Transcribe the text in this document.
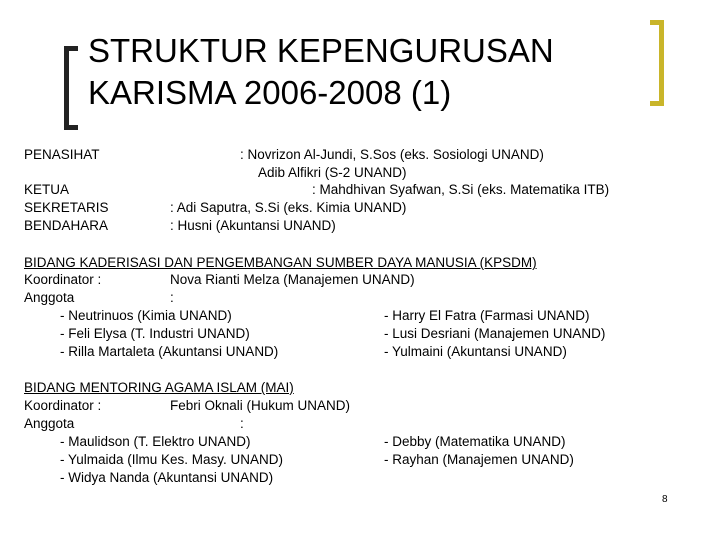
STRUKTUR KEPENGURUSAN
KARISMA 2006-2008 (1)
PENASIHAT	: Novrizon Al-Jundi, S.Sos (eks. Sosiologi UNAND)
Adib Alfikri (S-2 UNAND)
KETUA	: Mahdhivan Syafwan, S.Si (eks. Matematika ITB)
SEKRETARIS	: Adi Saputra, S.Si (eks. Kimia UNAND)
BENDAHARA	: Husni (Akuntansi UNAND)
BIDANG KADERISASI DAN PENGEMBANGAN SUMBER DAYA MANUSIA (KPSDM)
Koordinator :	Nova Rianti Melza (Manajemen UNAND)
Anggota	:
- Neutrinuos (Kimia UNAND)	- Harry El Fatra (Farmasi UNAND)
- Feli Elysa (T. Industri UNAND)	- Lusi Desriani (Manajemen UNAND)
- Rilla Martaleta (Akuntansi UNAND)	- Yulmaini (Akuntansi UNAND)
BIDANG MENTORING AGAMA ISLAM (MAI)
Koordinator :	Febri Oknali (Hukum UNAND)
Anggota	:
- Maulidson (T. Elektro UNAND)	- Debby (Matematika UNAND)
- Yulmaida (Ilmu Kes. Masy. UNAND)	- Rayhan (Manajemen UNAND)
- Widya Nanda (Akuntansi UNAND)
8
